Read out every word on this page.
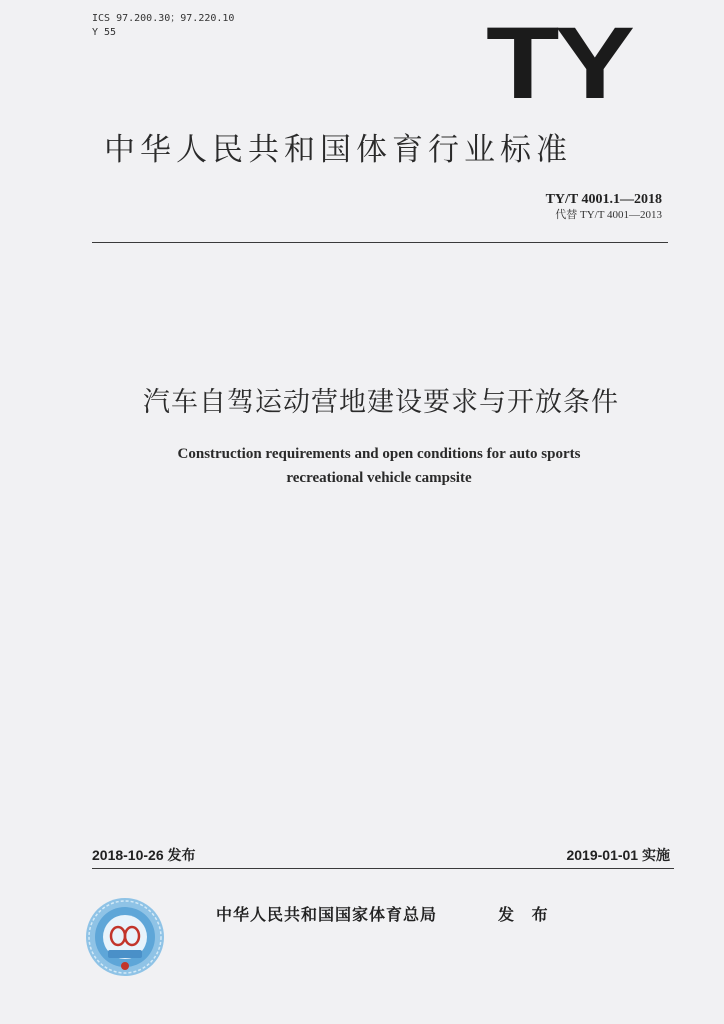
ICS 97.200.30；97.220.10
Y 55	TY
中华人民共和国体育行业标准
TY/T 4001.1—2018
代替 TY/T 4001—2013
汽车自驾运动营地建设要求与开放条件
Construction requirements and open conditions for auto sports
recreational vehicle campsite
2018-10-26 发布	2019-01-01 实施
中华人民共和国国家体育总局	发 布
